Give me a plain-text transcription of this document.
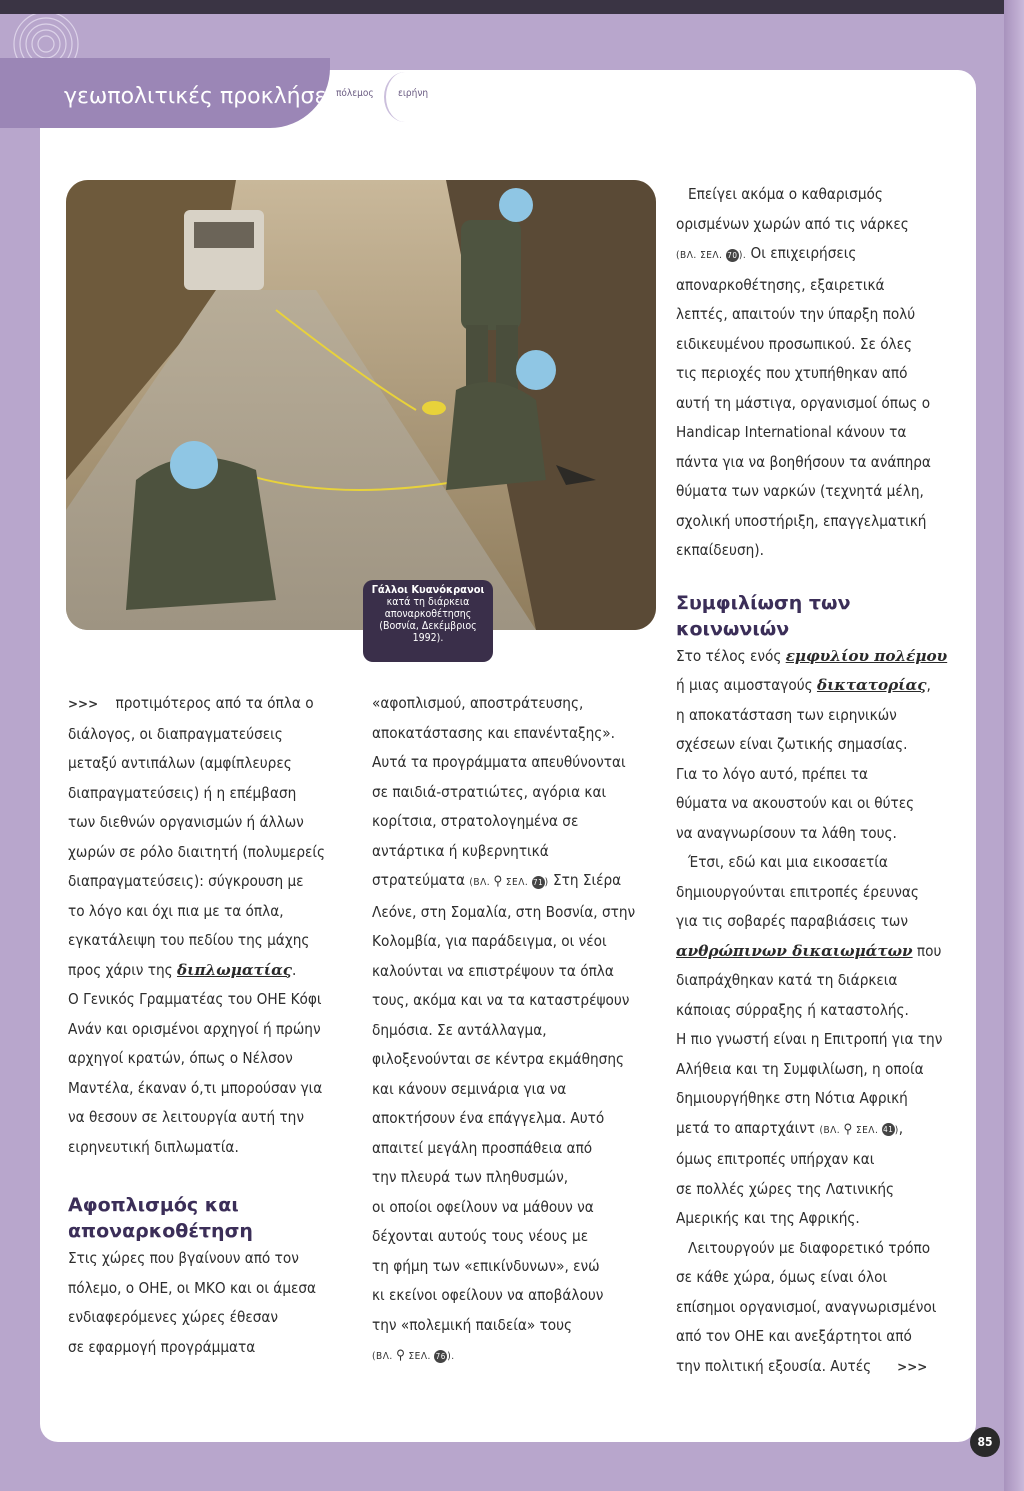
γεωπολιτικές προκλήσεις
πόλεμος ειρήνη
Γάλλοι Κυανόκρανοι
κατά τη διάρκεια
αποναρκοθέτησης
(Βοσνία, Δεκέμβριος
1992).

>>> προτιμότερος από τα όπλα ο

διάλογος, οι διαπραγματεύσεις

μεταξύ αντιπάλων (αμφίπλευρες

διαπραγματεύσεις) ή η επέμβαση

των διεθνών οργανισμών ή άλλων

χωρών σε ρόλο διαιτητή (πολυμερείς

διαπραγματεύσεις): σύγκρουση με

το λόγο και όχι πια με τα όπλα,

εγκατάλειψη του πεδίου της μάχης

προς χάριν της διπλωματίας.

Ο Γενικός Γραμματέας του ΟΗΕ Κόφι

Ανάν και ορισμένοι αρχηγοί ή πρώην

αρχηγοί κρατών, όπως ο Νέλσον

Μαντέλα, έκαναν ό,τι μπορούσαν για

να θεσουν σε λειτουργία αυτή την

ειρηνευτική διπλωματία.

Αφοπλισμός και

αποναρκοθέτηση

Στις χώρες που βγαίνουν από τον

πόλεμο, ο ΟΗΕ, οι ΜΚΟ και οι άμεσα

ενδιαφερόμενες χώρες έθεσαν

σε εφαρμογή προγράμματα

«αφοπλισμού, αποστράτευσης,

αποκατάστασης και επανένταξης».

Αυτά τα προγράμματα απευθύνονται

σε παιδιά-στρατιώτες, αγόρια και

κορίτσια, στρατολογημένα σε

αντάρτικα ή κυβερνητικά

στρατεύματα (ΒΛ. ⚲ ΣΕΛ. 71) Στη Σιέρα

Λεόνε, στη Σομαλία, στη Βοσνία, στην

Κολομβία, για παράδειγμα, οι νέοι

καλούνται να επιστρέψουν τα όπλα

τους, ακόμα και να τα καταστρέψουν

δημόσια. Σε αντάλλαγμα,

φιλοξενούνται σε κέντρα εκμάθησης

και κάνουν σεμινάρια για να

αποκτήσουν ένα επάγγελμα. Αυτό

απαιτεί μεγάλη προσπάθεια από

την πλευρά των πληθυσμών,

οι οποίοι οφείλουν να μάθουν να

δέχονται αυτούς τους νέους με

τη φήμη των «επικίνδυνων», ενώ

κι εκείνοι οφείλουν να αποβάλουν

την «πολεμική παιδεία» τους

(ΒΛ. ⚲ ΣΕΛ. 76).

Επείγει ακόμα ο καθαρισμός

ορισμένων χωρών από τις νάρκες

(ΒΛ. ΣΕΛ. 70). Οι επιχειρήσεις

αποναρκοθέτησης, εξαιρετικά

λεπτές, απαιτούν την ύπαρξη πολύ

ειδικευμένου προσωπικού. Σε όλες

τις περιοχές που χτυπήθηκαν από

αυτή τη μάστιγα, οργανισμοί όπως ο

Handicap International κάνουν τα

πάντα για να βοηθήσουν τα ανάπηρα

θύματα των ναρκών (τεχνητά μέλη,

σχολική υποστήριξη, επαγγελματική

εκπαίδευση).

Συμφιλίωση των κοινωνιών

Στο τέλος ενός εμφυλίου πολέμου

ή μιας αιμοσταγούς δικτατορίας,

η αποκατάσταση των ειρηνικών

σχέσεων είναι ζωτικής σημασίας.

Για το λόγο αυτό, πρέπει τα

θύματα να ακουστούν και οι θύτες

να αναγνωρίσουν τα λάθη τους.

Έτσι, εδώ και μια εικοσαετία

δημιουργούνται επιτροπές έρευνας

για τις σοβαρές παραβιάσεις των

ανθρώπινων δικαιωμάτων που

διαπράχθηκαν κατά τη διάρκεια

κάποιας σύρραξης ή καταστολής.

Η πιο γνωστή είναι η Επιτροπή για την

Αλήθεια και τη Συμφιλίωση, η οποία

δημιουργήθηκε στη Νότια Αφρική

μετά το απαρτχάιντ (ΒΛ. ⚲ ΣΕΛ. 41),

όμως επιτροπές υπήρχαν και

σε πολλές χώρες της Λατινικής

Αμερικής και της Αφρικής.

Λειτουργούν με διαφορετικό τρόπο

σε κάθε χώρα, όμως είναι όλοι

επίσημοι οργανισμοί, αναγνωρισμένοι

από τον ΟΗΕ και ανεξάρτητοι από

την πολιτική εξουσία. Αυτές >>>

85
